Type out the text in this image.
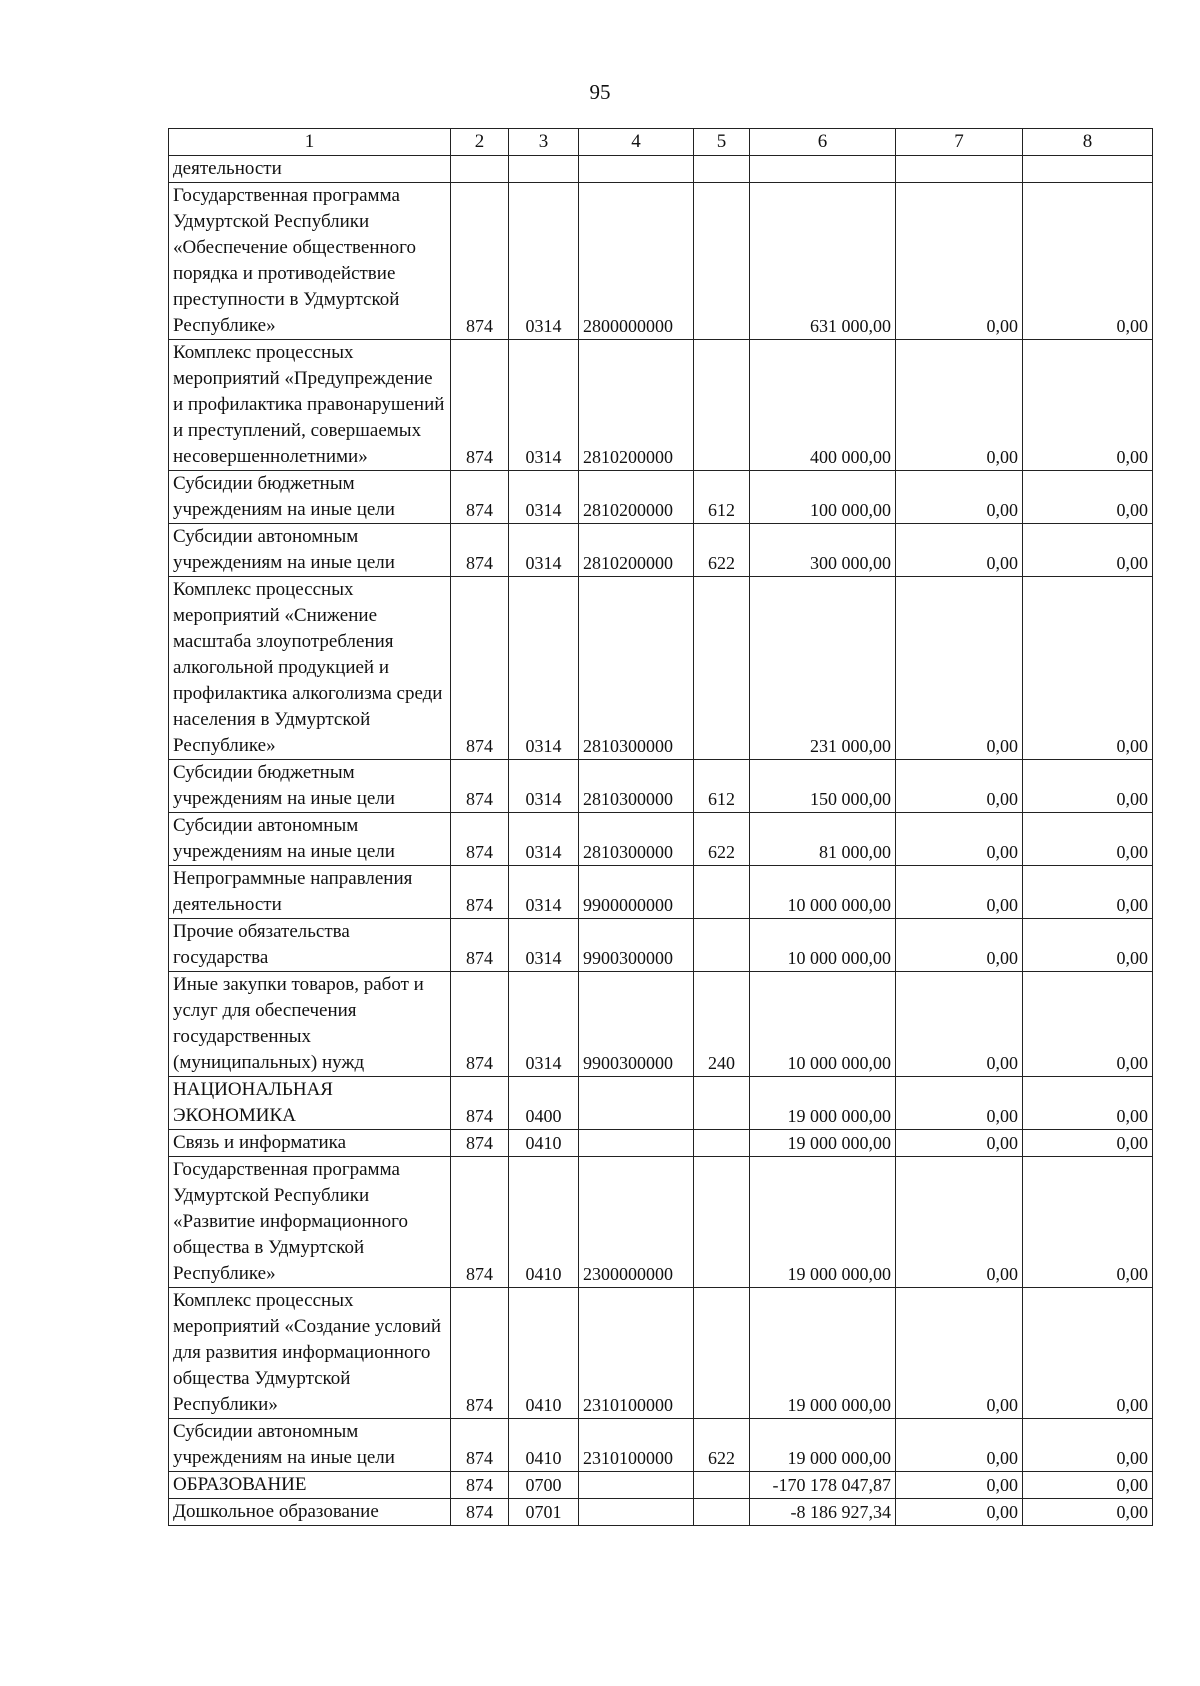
95
1	2	3	4	5	6	7	8
деятельности							
Государственная программа Удмуртской Республики «Обеспечение общественного порядка и противодействие преступности в Удмуртской Республике»	874	0314	2800000000		631 000,00	0,00	0,00
Комплекс процессных мероприятий «Предупреждение и профилактика правонарушений и преступлений, совершаемых несовершеннолетними»	874	0314	2810200000		400 000,00	0,00	0,00
Субсидии бюджетным учреждениям на иные цели	874	0314	2810200000	612	100 000,00	0,00	0,00
Субсидии автономным учреждениям на иные цели	874	0314	2810200000	622	300 000,00	0,00	0,00
Комплекс процессных мероприятий «Снижение масштаба злоупотребления алкогольной продукцией и профилактика алкоголизма среди населения в Удмуртской Республике»	874	0314	2810300000		231 000,00	0,00	0,00
Субсидии бюджетным учреждениям на иные цели	874	0314	2810300000	612	150 000,00	0,00	0,00
Субсидии автономным учреждениям на иные цели	874	0314	2810300000	622	81 000,00	0,00	0,00
Непрограммные направления деятельности	874	0314	9900000000		10 000 000,00	0,00	0,00
Прочие обязательства государства	874	0314	9900300000		10 000 000,00	0,00	0,00
Иные закупки товаров, работ и услуг для обеспечения государственных (муниципальных) нужд	874	0314	9900300000	240	10 000 000,00	0,00	0,00
НАЦИОНАЛЬНАЯ ЭКОНОМИКА	874	0400			19 000 000,00	0,00	0,00
Связь и информатика	874	0410			19 000 000,00	0,00	0,00
Государственная программа Удмуртской Республики «Развитие информационного общества в Удмуртской Республике»	874	0410	2300000000		19 000 000,00	0,00	0,00
Комплекс процессных мероприятий «Создание условий для развития информационного общества Удмуртской Республики»	874	0410	2310100000		19 000 000,00	0,00	0,00
Субсидии автономным учреждениям на иные цели	874	0410	2310100000	622	19 000 000,00	0,00	0,00
ОБРАЗОВАНИЕ	874	0700			-170 178 047,87	0,00	0,00
Дошкольное образование	874	0701			-8 186 927,34	0,00	0,00
